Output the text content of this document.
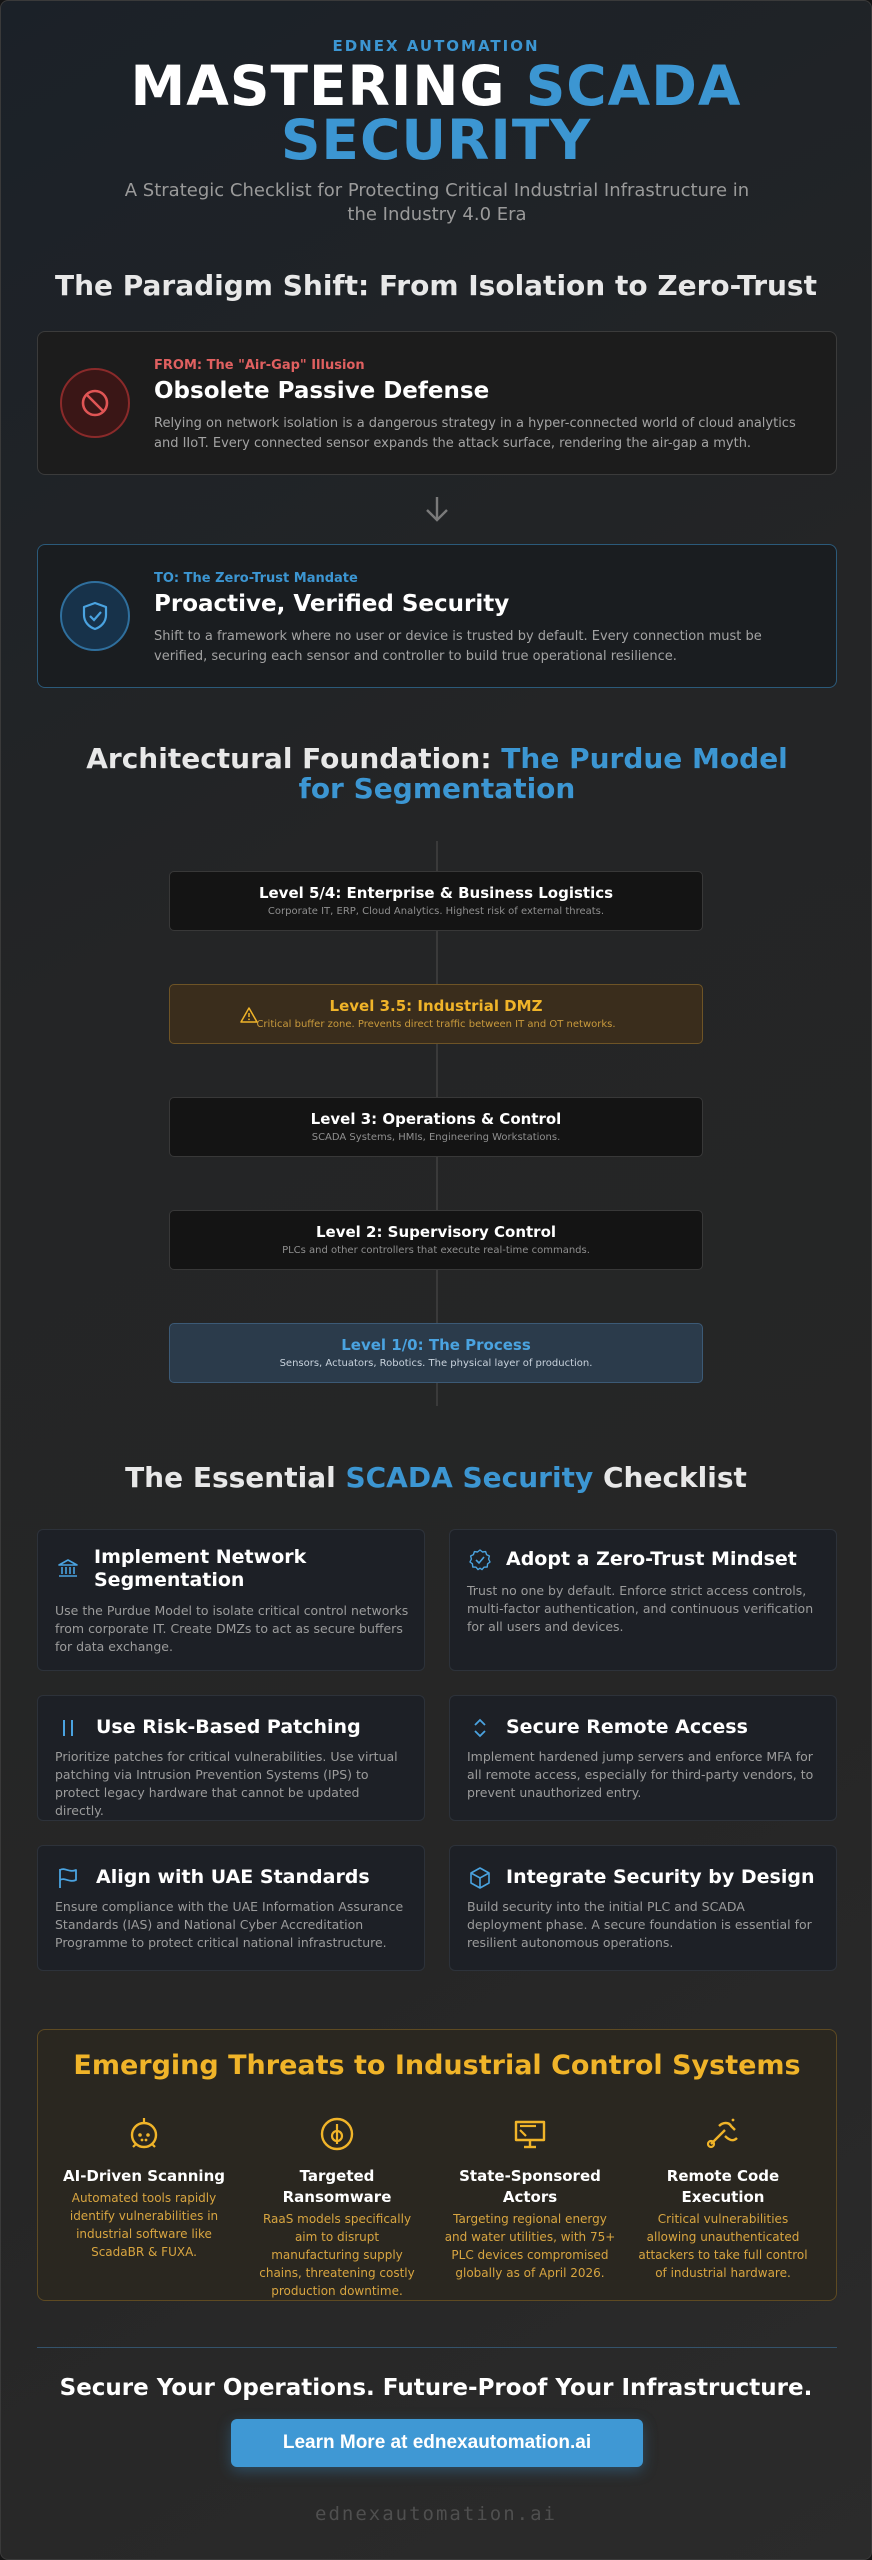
EDNEX AUTOMATION
MASTERING SCADA
SECURITY
A Strategic Checklist for Protecting Critical Industrial Infrastructure in the Industry 4.0 Era
The Paradigm Shift: From Isolation to Zero-Trust
FROM: The "Air-Gap" Illusion
Obsolete Passive Defense
Relying on network isolation is a dangerous strategy in a hyper-connected world of cloud analytics and IIoT. Every connected sensor expands the attack surface, rendering the air-gap a myth.
TO: The Zero-Trust Mandate
Proactive, Verified Security
Shift to a framework where no user or device is trusted by default. Every connection must be verified, securing each sensor and controller to build true operational resilience.
Architectural Foundation: The Purdue Model for Segmentation
Level 5/4: Enterprise & Business Logistics
Corporate IT, ERP, Cloud Analytics. Highest risk of external threats.
Level 3.5: Industrial DMZ
Critical buffer zone. Prevents direct traffic between IT and OT networks.
Level 3: Operations & Control
SCADA Systems, HMIs, Engineering Workstations.
Level 2: Supervisory Control
PLCs and other controllers that execute real-time commands.
Level 1/0: The Process
Sensors, Actuators, Robotics. The physical layer of production.
The Essential SCADA Security Checklist
Implement Network Segmentation
Use the Purdue Model to isolate critical control networks from corporate IT. Create DMZs to act as secure buffers for data exchange.
Adopt a Zero-Trust Mindset
Trust no one by default. Enforce strict access controls, multi-factor authentication, and continuous verification for all users and devices.
Use Risk-Based Patching
Prioritize patches for critical vulnerabilities. Use virtual patching via Intrusion Prevention Systems (IPS) to protect legacy hardware that cannot be updated directly.
Secure Remote Access
Implement hardened jump servers and enforce MFA for all remote access, especially for third-party vendors, to prevent unauthorized entry.
Align with UAE Standards
Ensure compliance with the UAE Information Assurance Standards (IAS) and National Cyber Accreditation Programme to protect critical national infrastructure.
Integrate Security by Design
Build security into the initial PLC and SCADA deployment phase. A secure foundation is essential for resilient autonomous operations.
Emerging Threats to Industrial Control Systems
AI-Driven Scanning
Automated tools rapidly identify vulnerabilities in industrial software like ScadaBR & FUXA.
Targeted Ransomware
RaaS models specifically aim to disrupt manufacturing supply chains, threatening costly production downtime.
State-Sponsored Actors
Targeting regional energy and water utilities, with 75+ PLC devices compromised globally as of April 2026.
Remote Code Execution
Critical vulnerabilities allowing unauthenticated attackers to take full control of industrial hardware.
Secure Your Operations. Future-Proof Your Infrastructure.
Learn More at ednexautomation.ai
ednexautomation.ai
